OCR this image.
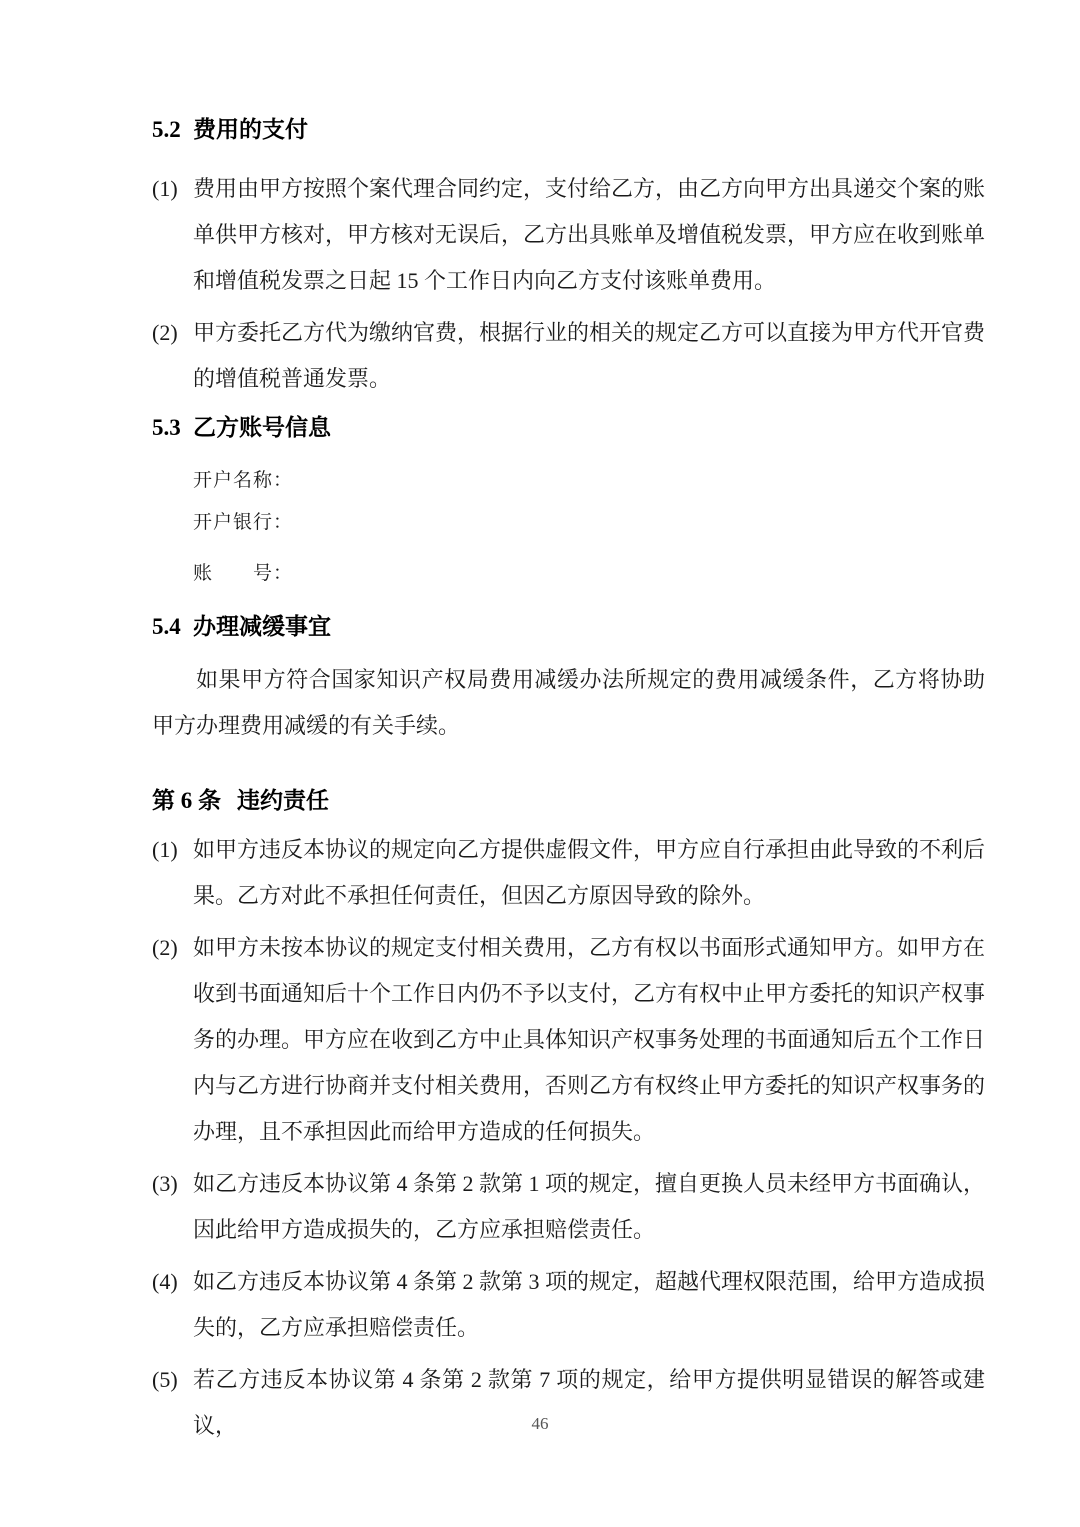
5.2 费用的支付
(1) 费用由甲方按照个案代理合同约定，支付给乙方，由乙方向甲方出具递交个案的账单供甲方核对，甲方核对无误后，乙方出具账单及增值税发票，甲方应在收到账单和增值税发票之日起 15 个工作日内向乙方支付该账单费用。
(2) 甲方委托乙方代为缴纳官费，根据行业的相关的规定乙方可以直接为甲方代开官费的增值税普通发票。
5.3 乙方账号信息
开户名称：
开户银行：
账　　号：
5.4 办理减缓事宜
如果甲方符合国家知识产权局费用减缓办法所规定的费用减缓条件，乙方将协助甲方办理费用减缓的有关手续。
第 6 条 违约责任
(1) 如甲方违反本协议的规定向乙方提供虚假文件，甲方应自行承担由此导致的不利后果。乙方对此不承担任何责任，但因乙方原因导致的除外。
(2) 如甲方未按本协议的规定支付相关费用，乙方有权以书面形式通知甲方。如甲方在收到书面通知后十个工作日内仍不予以支付，乙方有权中止甲方委托的知识产权事务的办理。甲方应在收到乙方中止具体知识产权事务处理的书面通知后五个工作日内与乙方进行协商并支付相关费用，否则乙方有权终止甲方委托的知识产权事务的办理，且不承担因此而给甲方造成的任何损失。
(3) 如乙方违反本协议第 4 条第 2 款第 1 项的规定，擅自更换人员未经甲方书面确认，因此给甲方造成损失的，乙方应承担赔偿责任。
(4) 如乙方违反本协议第 4 条第 2 款第 3 项的规定，超越代理权限范围，给甲方造成损失的，乙方应承担赔偿责任。
(5) 若乙方违反本协议第 4 条第 2 款第 7 项的规定，给甲方提供明显错误的解答或建议，	46
